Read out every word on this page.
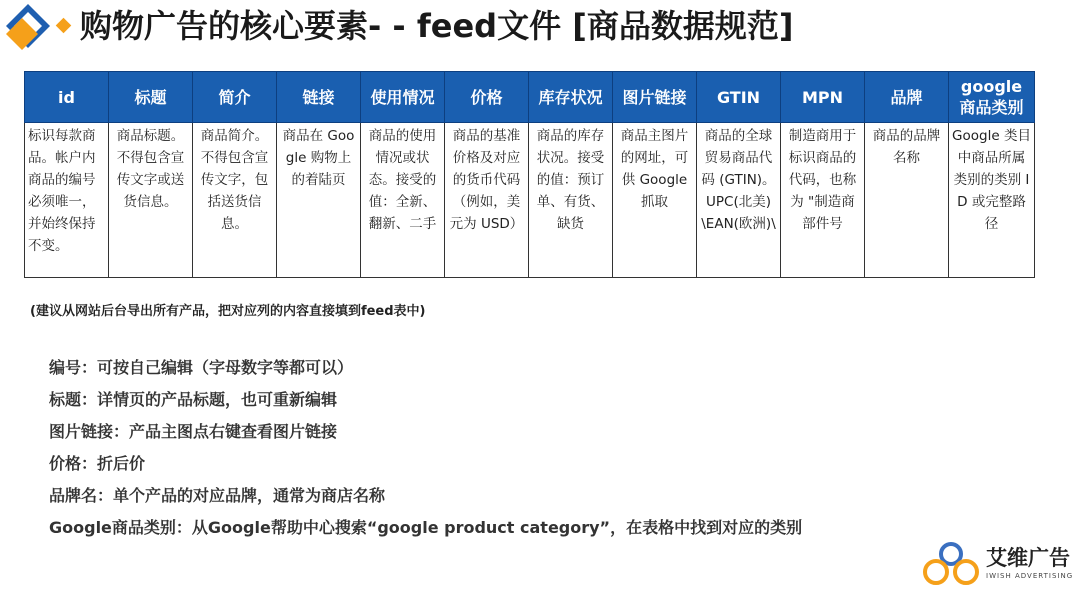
购物广告的核心要素- - feed文件 [商品数据规范]
id	标题	简介	链接	使用情况	价格	库存状况	图片链接	GTIN	MPN	品牌	google 商品类别
标识每款商品。帐户内商品的编号必须唯一，并始终保持不变。	商品标题。不得包含宣传文字或送货信息。	商品简介。不得包含宣传文字，包括送货信息。	商品在 Google 购物上的着陆页	商品的使用情况或状态。接受的值：全新、翻新、二手	商品的基准价格及对应的货币代码（例如，美元为 USD）	商品的库存状况。接受的值：预订单、有货、缺货	商品主图片的网址，可供 Google 抓取	商品的全球贸易商品代码 (GTIN)。UPC(北美)\EAN(欧洲)\	制造商用于标识商品的代码，也称为 "制造商部件号	商品的品牌名称	Google 类目中商品所属类别的类别 ID 或完整路径
(建议从网站后台导出所有产品，把对应列的内容直接填到feed表中)
编号：可按自己编辑（字母数字等都可以）
标题：详情页的产品标题，也可重新编辑
图片链接：产品主图点右键查看图片链接
价格：折后价
品牌名：单个产品的对应品牌，通常为商店名称
Google商品类别：从Google帮助中心搜索“google product category”，在表格中找到对应的类别
艾维广告
IWISH ADVERTISING
